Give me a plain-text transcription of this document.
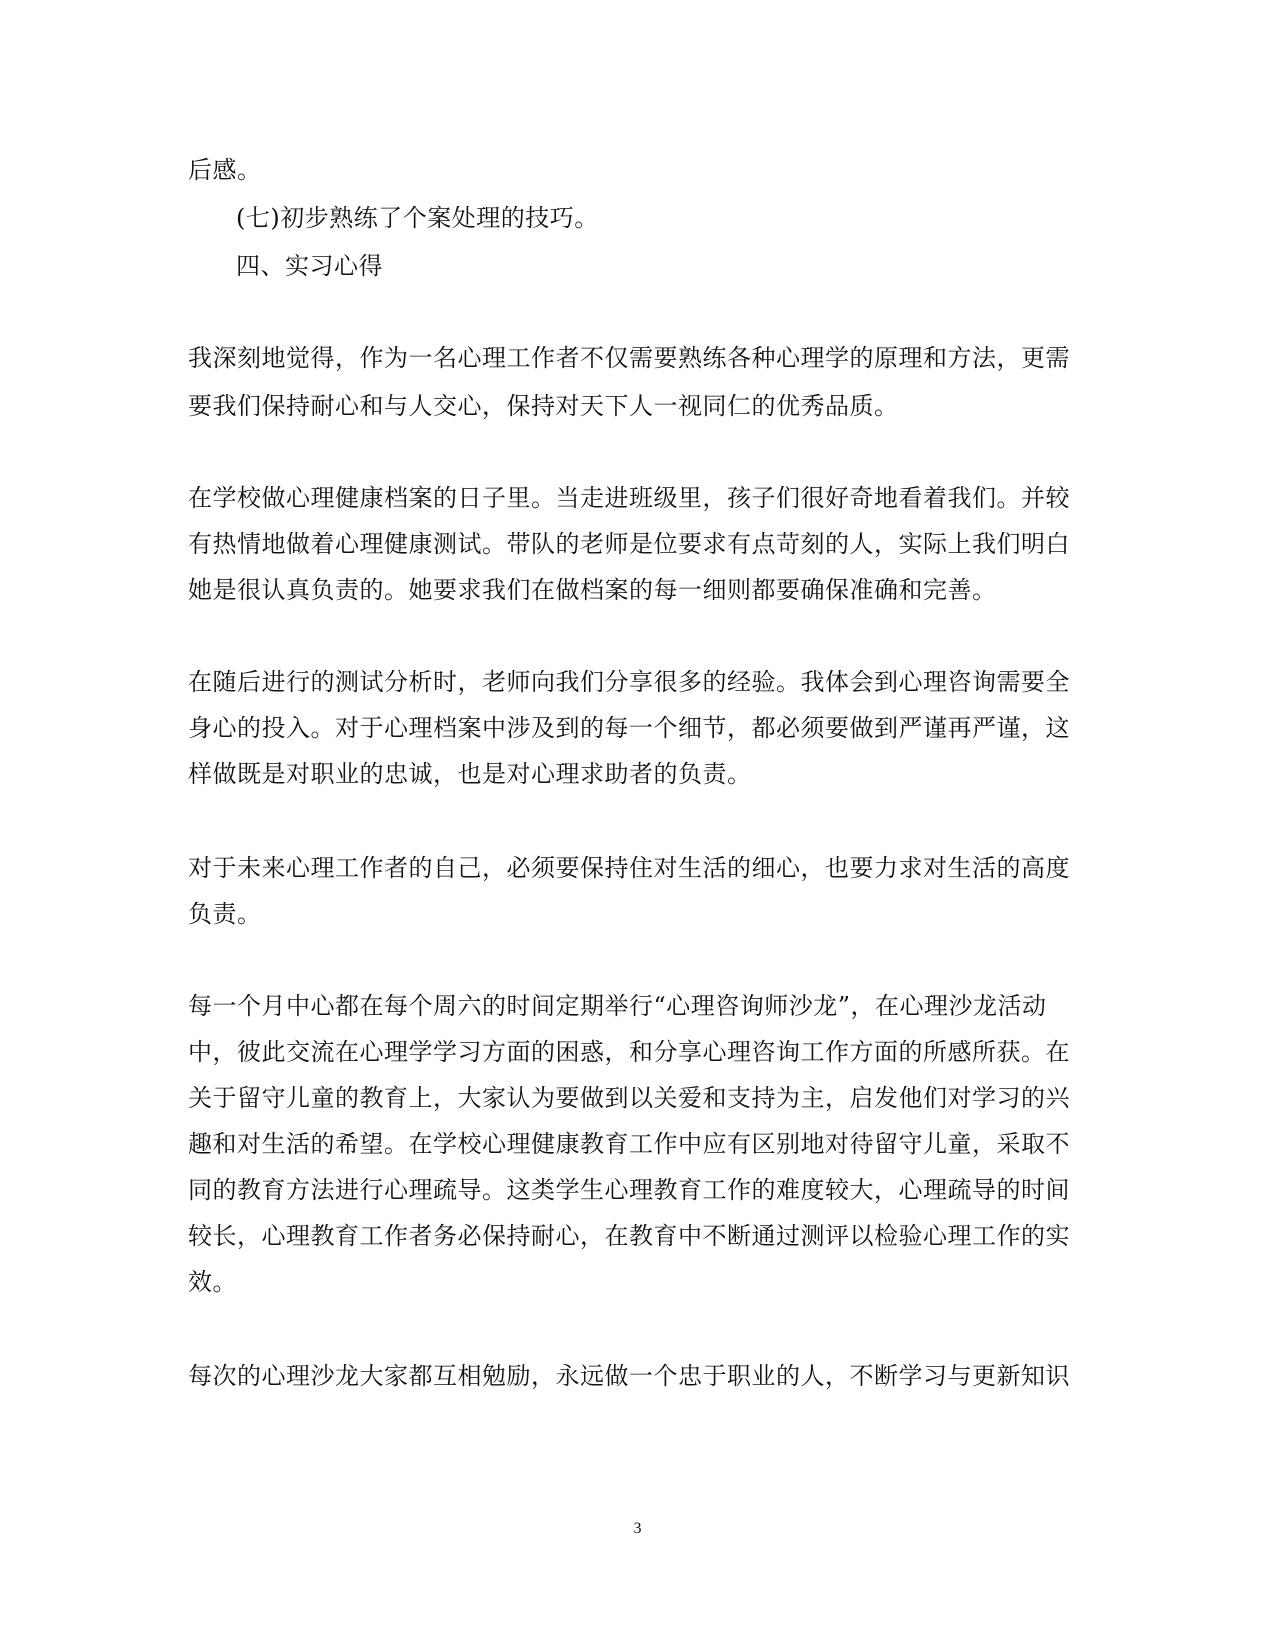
后感。
(七)初步熟练了个案处理的技巧。
四、实习心得
我深刻地觉得，作为一名心理工作者不仅需要熟练各种心理学的原理和方法，更需
要我们保持耐心和与人交心，保持对天下人一视同仁的优秀品质。
在学校做心理健康档案的日子里。当走进班级里，孩子们很好奇地看着我们。并较
有热情地做着心理健康测试。带队的老师是位要求有点苛刻的人，实际上我们明白
她是很认真负责的。她要求我们在做档案的每一细则都要确保准确和完善。
在随后进行的测试分析时，老师向我们分享很多的经验。我体会到心理咨询需要全
身心的投入。对于心理档案中涉及到的每一个细节，都必须要做到严谨再严谨，这
样做既是对职业的忠诚，也是对心理求助者的负责。
对于未来心理工作者的自己，必须要保持住对生活的细心，也要力求对生活的高度
负责。
每一个月中心都在每个周六的时间定期举行“心理咨询师沙龙”，在心理沙龙活动
中，彼此交流在心理学学习方面的困惑，和分享心理咨询工作方面的所感所获。在
关于留守儿童的教育上，大家认为要做到以关爱和支持为主，启发他们对学习的兴
趣和对生活的希望。在学校心理健康教育工作中应有区别地对待留守儿童，采取不
同的教育方法进行心理疏导。这类学生心理教育工作的难度较大，心理疏导的时间
较长，心理教育工作者务必保持耐心，在教育中不断通过测评以检验心理工作的实
效。
每次的心理沙龙大家都互相勉励，永远做一个忠于职业的人，不断学习与更新知识
3
